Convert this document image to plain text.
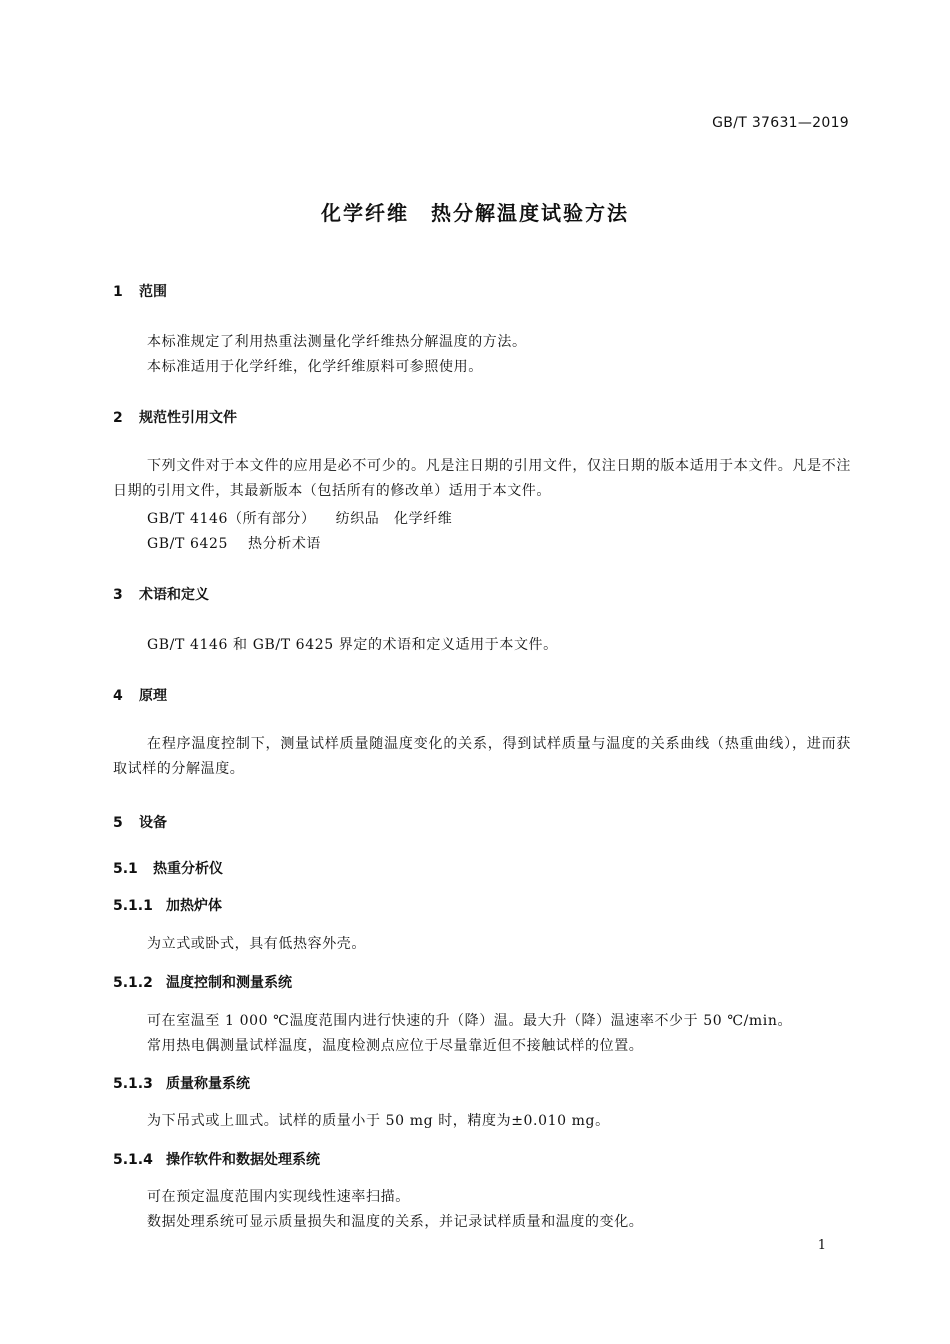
GB/T 37631—2019
化学纤维　热分解温度试验方法
1 范围
本标准规定了利用热重法测量化学纤维热分解温度的方法。
本标准适用于化学纤维，化学纤维原料可参照使用。
2 规范性引用文件
下列文件对于本文件的应用是必不可少的。凡是注日期的引用文件，仅注日期的版本适用于本文件。凡是不注日期的引用文件，其最新版本（包括所有的修改单）适用于本文件。
GB/T 4146（所有部分） 纺织品　化学纤维
GB/T 6425 热分析术语
3 术语和定义
GB/T 4146 和 GB/T 6425 界定的术语和定义适用于本文件。
4 原理
在程序温度控制下，测量试样质量随温度变化的关系，得到试样质量与温度的关系曲线（热重曲线），进而获取试样的分解温度。
5 设备
5.1 热重分析仪
5.1.1 加热炉体
为立式或卧式，具有低热容外壳。
5.1.2 温度控制和测量系统
可在室温至 1 000 ℃温度范围内进行快速的升（降）温。最大升（降）温速率不少于 50 ℃/min。
常用热电偶测量试样温度，温度检测点应位于尽量靠近但不接触试样的位置。
5.1.3 质量称量系统
为下吊式或上皿式。试样的质量小于 50 mg 时，精度为±0.010 mg。
5.1.4 操作软件和数据处理系统
可在预定温度范围内实现线性速率扫描。
数据处理系统可显示质量损失和温度的关系，并记录试样质量和温度的变化。
1
